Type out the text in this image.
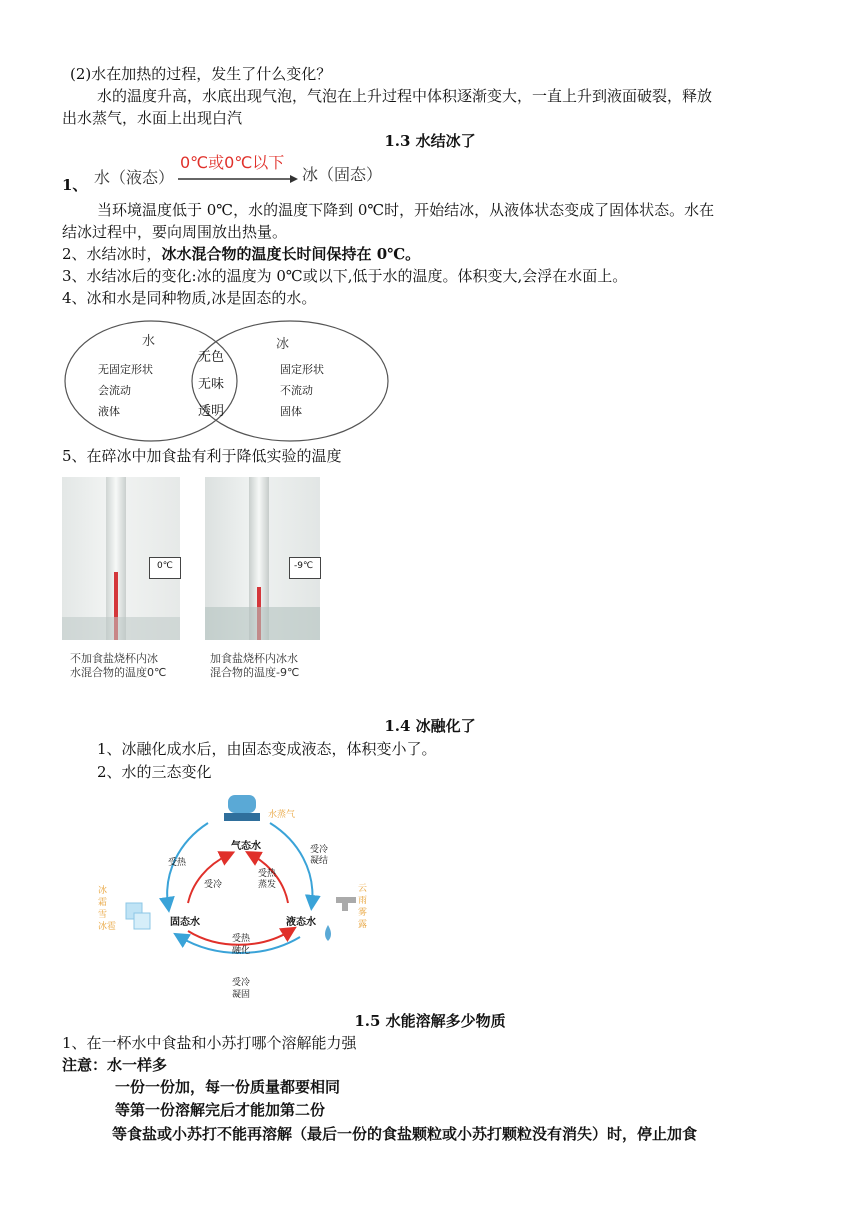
(2)水在加热的过程，发生了什么变化？
水的温度升高，水底出现气泡，气泡在上升过程中体积逐渐变大，一直上升到液面破裂，释放
出水蒸气，水面上出现白汽
1.3 水结冰了
1、 水（液态）
0℃或0℃以下
冰（固态）
当环境温度低于 0℃，水的温度下降到 0℃时，开始结冰，从液体状态变成了固体状态。水在
结冰过程中，要向周围放出热量。
2、水结冰时，冰水混合物的温度长时间保持在 0℃。
3、水结冰后的变化:冰的温度为 0℃或以下,低于水的温度。体积变大,会浮在水面上。
4、冰和水是同种物质,冰是固态的水。
水
无固定形状
会流动
液体
无色
无味
透明
冰
固定形状
不流动
固体
5、在碎冰中加食盐有利于降低实验的温度
0℃
不加食盐烧杯内冰
水混合物的温度0℃
-9℃
加食盐烧杯内冰水
混合物的温度-9℃
1.4 冰融化了
1、冰融化成水后，由固态变成液态，体积变小了。
2、水的三态变化
气态水
固态水	液态水
水蒸气
冰
霜
雪
冰雹
云
雨
雾
露
受热
受冷
受冷
凝结
受热
蒸发
受热
融化
受冷
凝固
1.5 水能溶解多少物质
1、在一杯水中食盐和小苏打哪个溶解能力强
注意：水一样多
一份一份加，每一份质量都要相同
等第一份溶解完后才能加第二份
等食盐或小苏打不能再溶解（最后一份的食盐颗粒或小苏打颗粒没有消失）时，停止加食
